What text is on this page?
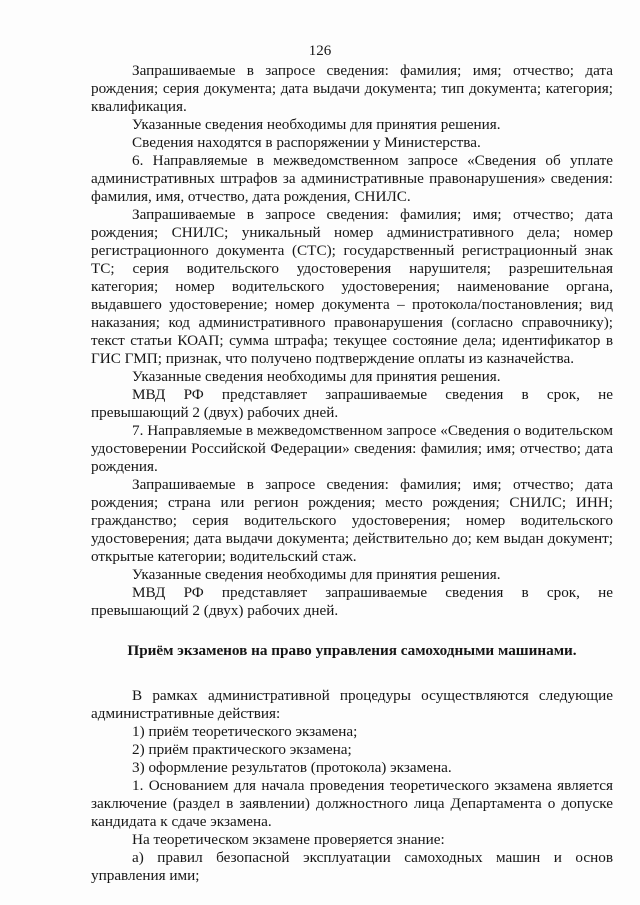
126

Запрашиваемые в запросе сведения: фамилия; имя; отчество; дата рождения; серия документа; дата выдачи документа; тип документа; категория; квалификация.

Указанные сведения необходимы для принятия решения.

Сведения находятся в распоряжении у Министерства.

6. Направляемые в межведомственном запросе «Сведения об уплате административных штрафов за административные правонарушения» сведения: фамилия, имя, отчество, дата рождения, СНИЛС.

Запрашиваемые в запросе сведения: фамилия; имя; отчество; дата рождения; СНИЛС; уникальный номер административного дела; номер регистрационного документа (СТС); государственный регистрационный знак ТС; серия водительского удостоверения нарушителя; разрешительная категория; номер водительского удостоверения; наименование органа, выдавшего удостоверение; номер документа – протокола/постановления; вид наказания; код административного правонарушения (согласно справочнику); текст статьи КОАП; сумма штрафа; текущее состояние дела; идентификатор в ГИС ГМП; признак, что получено подтверждение оплаты из казначейства.

Указанные сведения необходимы для принятия решения.

МВД РФ представляет запрашиваемые сведения в срок, не превышающий 2 (двух) рабочих дней.

7. Направляемые в межведомственном запросе «Сведения о водительском удостоверении Российской Федерации» сведения: фамилия; имя; отчество; дата рождения.

Запрашиваемые в запросе сведения: фамилия; имя; отчество; дата рождения; страна или регион рождения; место рождения; СНИЛС; ИНН; гражданство; серия водительского удостоверения; номер водительского удостоверения; дата выдачи документа; действительно до; кем выдан документ; открытые категории; водительский стаж.

Указанные сведения необходимы для принятия решения.

МВД РФ представляет запрашиваемые сведения в срок, не превышающий 2 (двух) рабочих дней.

Приём экзаменов на право управления самоходными машинами.

В рамках административной процедуры осуществляются следующие административные действия:

1) приём теоретического экзамена;

2) приём практического экзамена;

3) оформление результатов (протокола) экзамена.

1. Основанием для начала проведения теоретического экзамена является заключение (раздел в заявлении) должностного лица Департамента о допуске кандидата к сдаче экзамена.

На теоретическом экзамене проверяется знание:

а) правил безопасной эксплуатации самоходных машин и основ управления ими;
